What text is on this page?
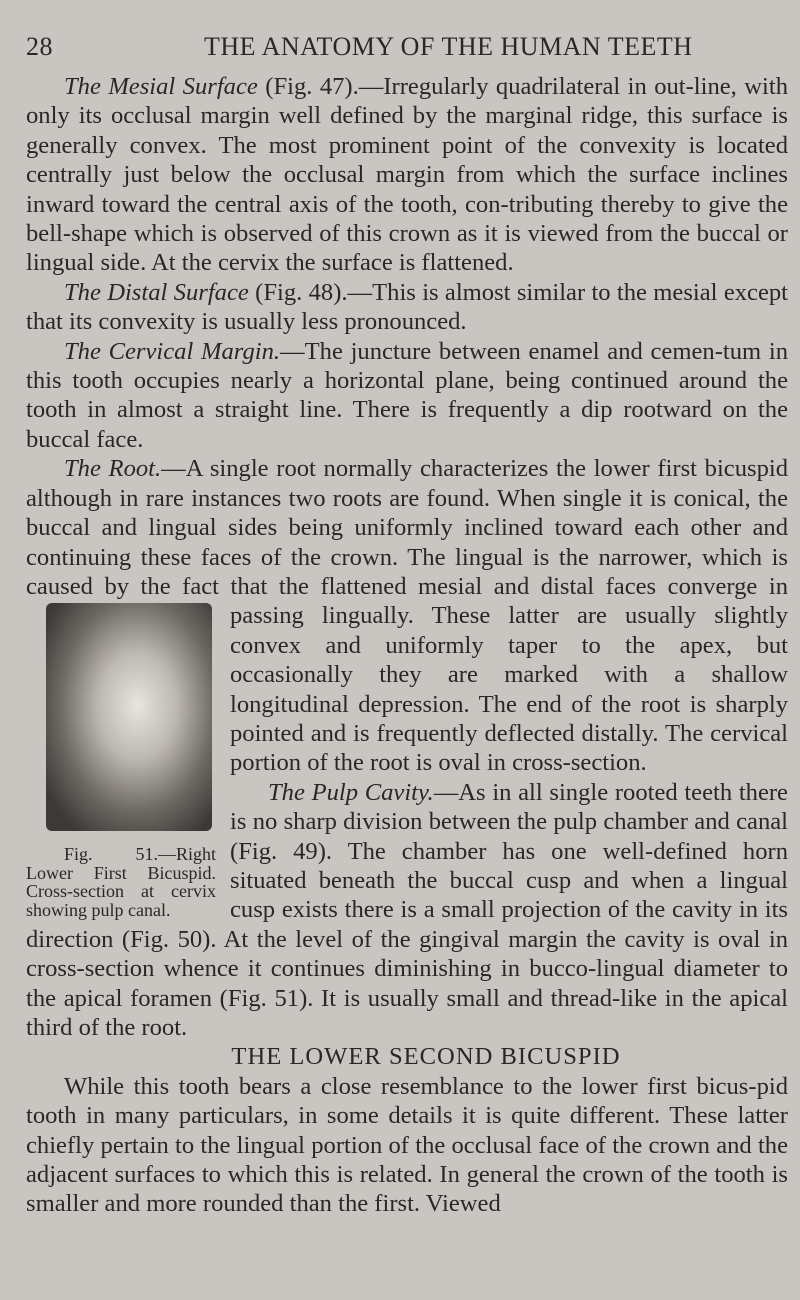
28	THE ANATOMY OF THE HUMAN TEETH

The Mesial Surface (Fig. 47).—Irregularly quadrilateral in out-line, with only its occlusal margin well defined by the marginal ridge, this surface is generally convex. The most prominent point of the convexity is located centrally just below the occlusal margin from which the surface inclines inward toward the central axis of the tooth, con-tributing thereby to give the bell-shape which is observed of this crown as it is viewed from the buccal or lingual side. At the cervix the surface is flattened.

The Distal Surface (Fig. 48).—This is almost similar to the mesial except that its convexity is usually less pronounced.

The Cervical Margin.—The juncture between enamel and cemen-tum in this tooth occupies nearly a horizontal plane, being continued around the tooth in almost a straight line. There is frequently a dip rootward on the buccal face.

The Root.—A single root normally characterizes the lower first bicuspid although in rare instances two roots are found. When single it is conical, the buccal and lingual sides being uniformly inclined toward each other and continuing these faces of the crown. The lingual is the narrower, which is caused by the fact that the flattened mesial and distal faces
Fig. 51.—Right Lower First Bicuspid. Cross-section at cervix showing pulp canal.
converge in passing lingually. These latter are usually slightly convex and uniformly taper to the apex, but occasionally they are marked with a shallow longitudinal depression. The end of the root is sharply pointed and is frequently deflected distally. The cervical portion of the root is oval in cross-section.

The Pulp Cavity.—As in all single rooted teeth there is no sharp division between the pulp chamber and canal (Fig. 49). The chamber has one well-defined horn situated beneath the buccal cusp and when a lingual cusp exists there is a small projection of the cavity in its direction (Fig. 50). At the level of the gingival margin the cavity is oval in cross-section whence it continues diminishing in bucco-lingual diameter to the apical foramen (Fig. 51). It is usually small and thread-like in the apical third of the root.

THE LOWER SECOND BICUSPID

While this tooth bears a close resemblance to the lower first bicus-pid tooth in many particulars, in some details it is quite different. These latter chiefly pertain to the lingual portion of the occlusal face of the crown and the adjacent surfaces to which this is related. In general the crown of the tooth is smaller and more rounded than the first. Viewed
